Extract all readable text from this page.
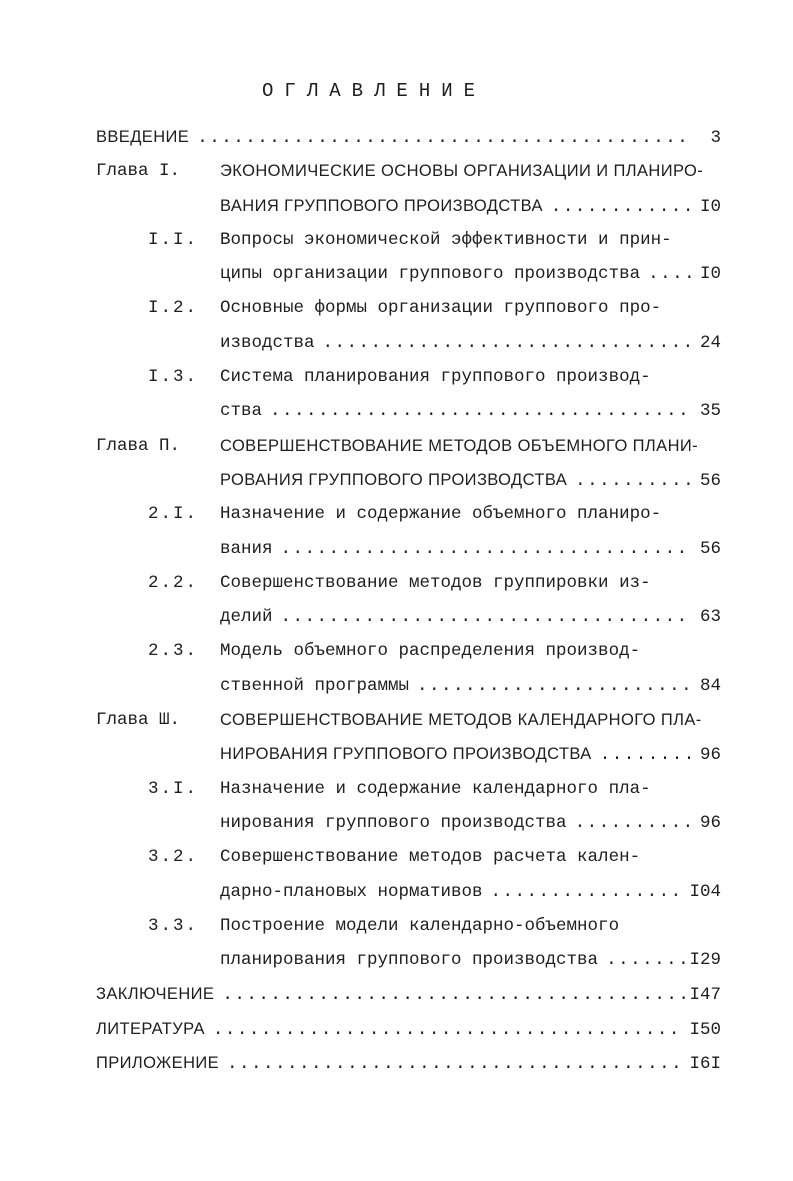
ОГЛАВЛЕНИЕ
ВВЕДЕНИЕ .....	3
Глава I. ЭКОНОМИЧЕСКИЕ ОСНОВЫ ОРГАНИЗАЦИИ И ПЛАНИРО-
ВАНИЯ ГРУППОВОГО ПРОИЗВОДСТВА .....	I0
I.I. Вопросы экономической эффективности и прин-
ципы организации группового производства .....	I0
I.2. Основные формы организации группового про-
изводства .....	24
I.3. Система планирования группового производ-
ства .....	35
Глава П. СОВЕРШЕНСТВОВАНИЕ МЕТОДОВ ОБЪЕМНОГО ПЛАНИ-
РОВАНИЯ ГРУППОВОГО ПРОИЗВОДСТВА .....	56
2.I. Назначение и содержание объемного планиро-
вания .....	56
2.2. Совершенствование методов группировки из-
делий .....	63
2.3. Модель объемного распределения производ-
ственной программы .....	84
Глава Ш. СОВЕРШЕНСТВОВАНИЕ МЕТОДОВ КАЛЕНДАРНОГО ПЛА-
НИРОВАНИЯ ГРУППОВОГО ПРОИЗВОДСТВА .....	96
3.I. Назначение и содержание календарного пла-
нирования группового производства .....	96
3.2. Совершенствование методов расчета кален-
дарно-плановых нормативов .....	I04
3.3. Построение модели календарно-объемного
планирования группового производства .....	I29
ЗАКЛЮЧЕНИЕ .....	I47
ЛИТЕРАТУРА .....	I50
ПРИЛОЖЕНИЕ .....	I6I
